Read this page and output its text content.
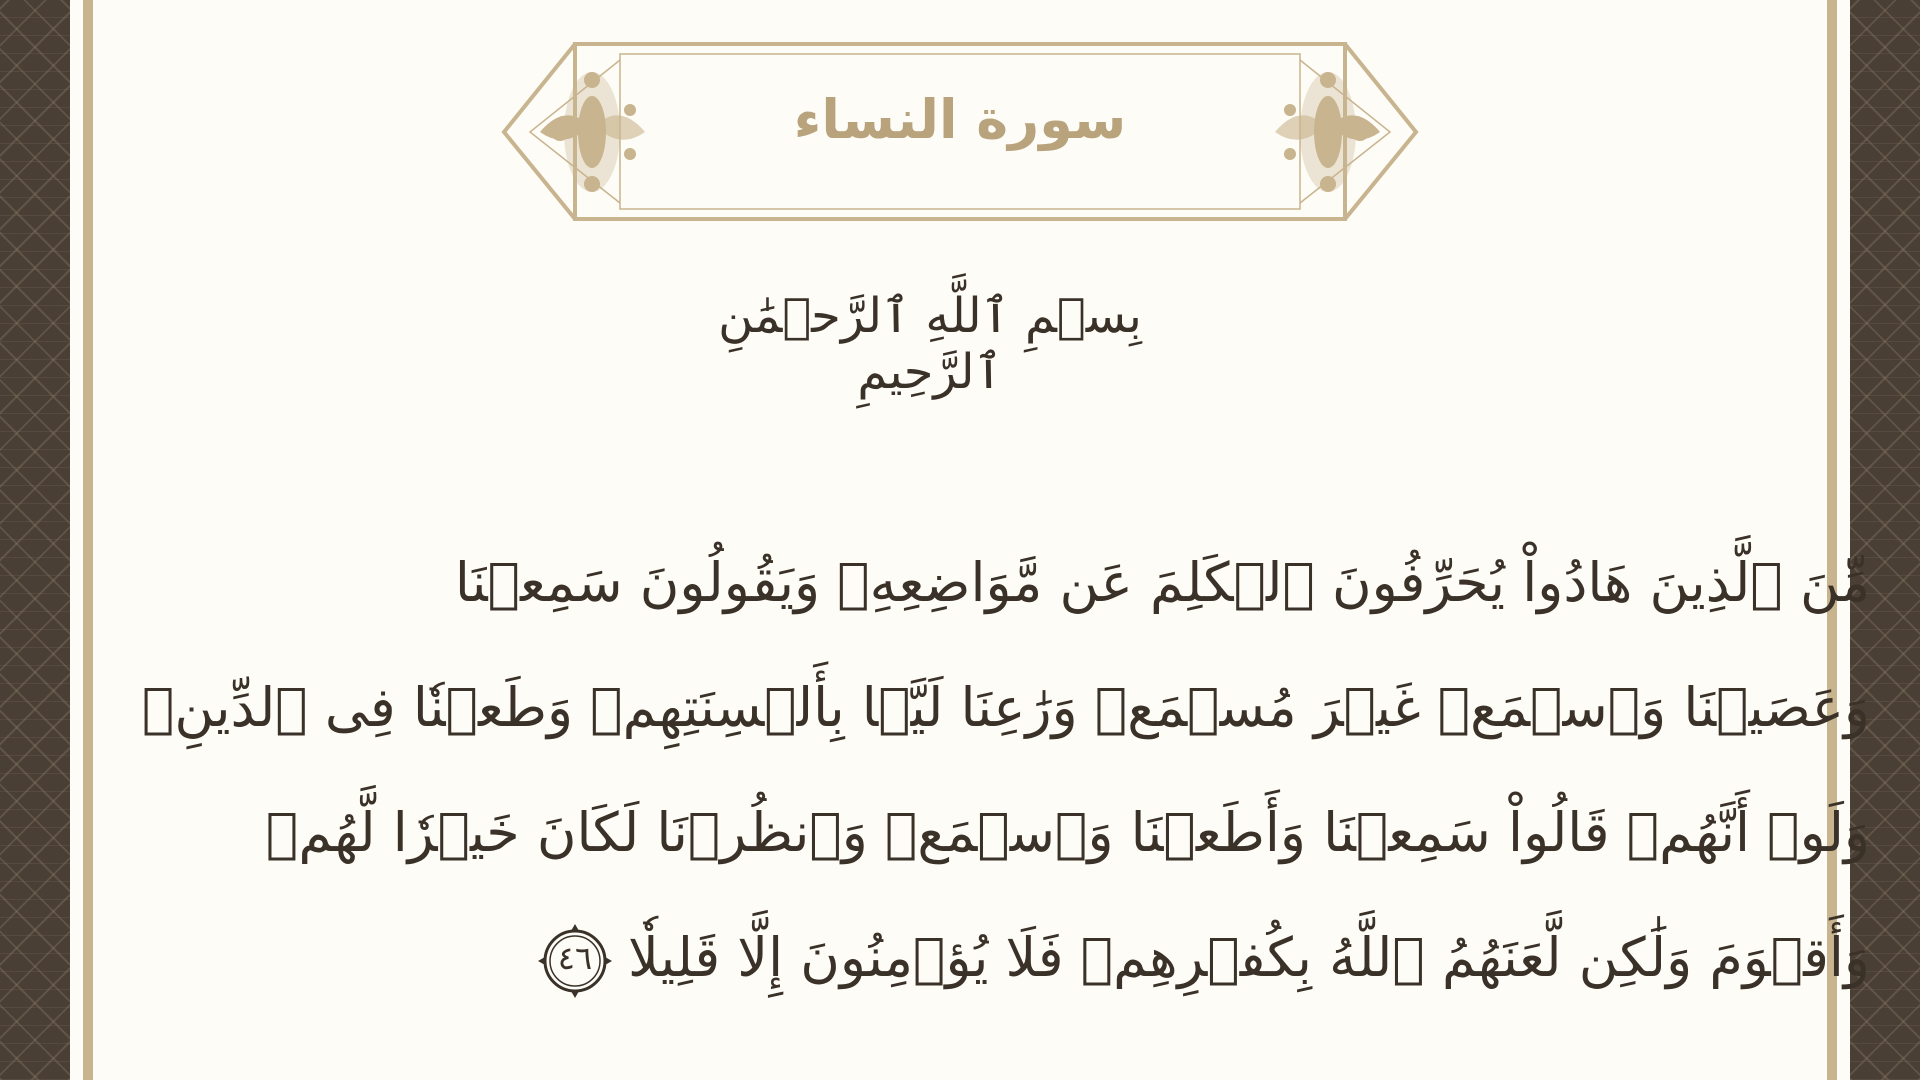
سورة النساء
بِسۡمِ ٱللَّهِ ٱلرَّحۡمَٰنِ ٱلرَّحِيمِ
مِّنَ ٱلَّذِينَ هَادُواْ يُحَرِّفُونَ ٱلۡكَلِمَ عَن مَّوَاضِعِهِۦ وَيَقُولُونَ سَمِعۡنَا
وَعَصَيۡنَا وَٱسۡمَعۡ غَيۡرَ مُسۡمَعٖ وَرَٰعِنَا لَيَّۢا بِأَلۡسِنَتِهِمۡ وَطَعۡنٗا فِى ٱلدِّينِۚ
وَلَوۡ أَنَّهُمۡ قَالُواْ سَمِعۡنَا وَأَطَعۡنَا وَٱسۡمَعۡ وَٱنظُرۡنَا لَكَانَ خَيۡرٗا لَّهُمۡ
وَأَقۡوَمَ وَلَٰكِن لَّعَنَهُمُ ٱللَّهُ بِكُفۡرِهِمۡ فَلَا يُؤۡمِنُونَ إِلَّا قَلِيلٗا
٤٦
